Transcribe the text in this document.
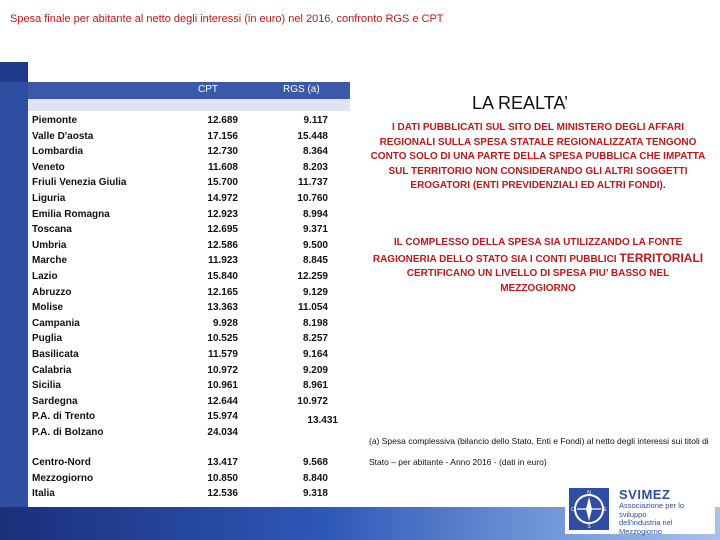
Spesa finale per abitante al netto degli interessi (in euro) nel 2016, confronto RGS e CPT
CPT	RGS (a)
Piemonte
Valle D'aosta
Lombardia
Veneto
Friuli Venezia Giulia
Liguria
Emilia Romagna
Toscana
Umbria
Marche
Lazio
Abruzzo
Molise
Campania
Puglia
Basilicata
Calabria
Sicilia
Sardegna
P.A. di Trento
P.A. di Bolzano
12.689
17.156
12.730
11.608
15.700
14.972
12.923
12.695
12.586
11.923
15.840
12.165
13.363
9.928
10.525
11.579
10.972
10.961
12.644
15.974
24.034
9.117
15.448
8.364
8.203
11.737
10.760
8.994
9.371
9.500
8.845
12.259
9.129
11.054
8.198
8.257
9.164
9.209
8.961
10.972
13.431
Centro-Nord
Mezzogiorno
Italia
13.417
10.850
12.536
9.568
8.840
9.318
LA REALTA’
I DATI PUBBLICATI SUL SITO DEL MINISTERO DEGLI AFFARI REGIONALI SULLA SPESA STATALE REGIONALIZZATA TENGONO CONTO SOLO DI UNA PARTE DELLA SPESA PUBBLICA CHE IMPATTA SUL TERRITORIO NON CONSIDERANDO GLI ALTRI SOGGETTI EROGATORI (ENTI PREVIDENZIALI ED ALTRI FONDI).
IL COMPLESSO DELLA SPESA SIA UTILIZZANDO LA FONTE RAGIONERIA DELLO STATO SIA I CONTI PUBBLICI TERRITORIALI CERTIFICANO UN LIVELLO DI SPESA PIU’ BASSO NEL MEZZOGIORNO
(a) Spesa complessiva (bilancio dello Stato, Enti e Fondi) al netto degli interessi sui titoli di Stato – per abitante - Anno 2016 - (dati in euro)
N
S
O	E
SVIMEZ
Associazione per lo sviluppo dell'industria nel Mezzogiorno
